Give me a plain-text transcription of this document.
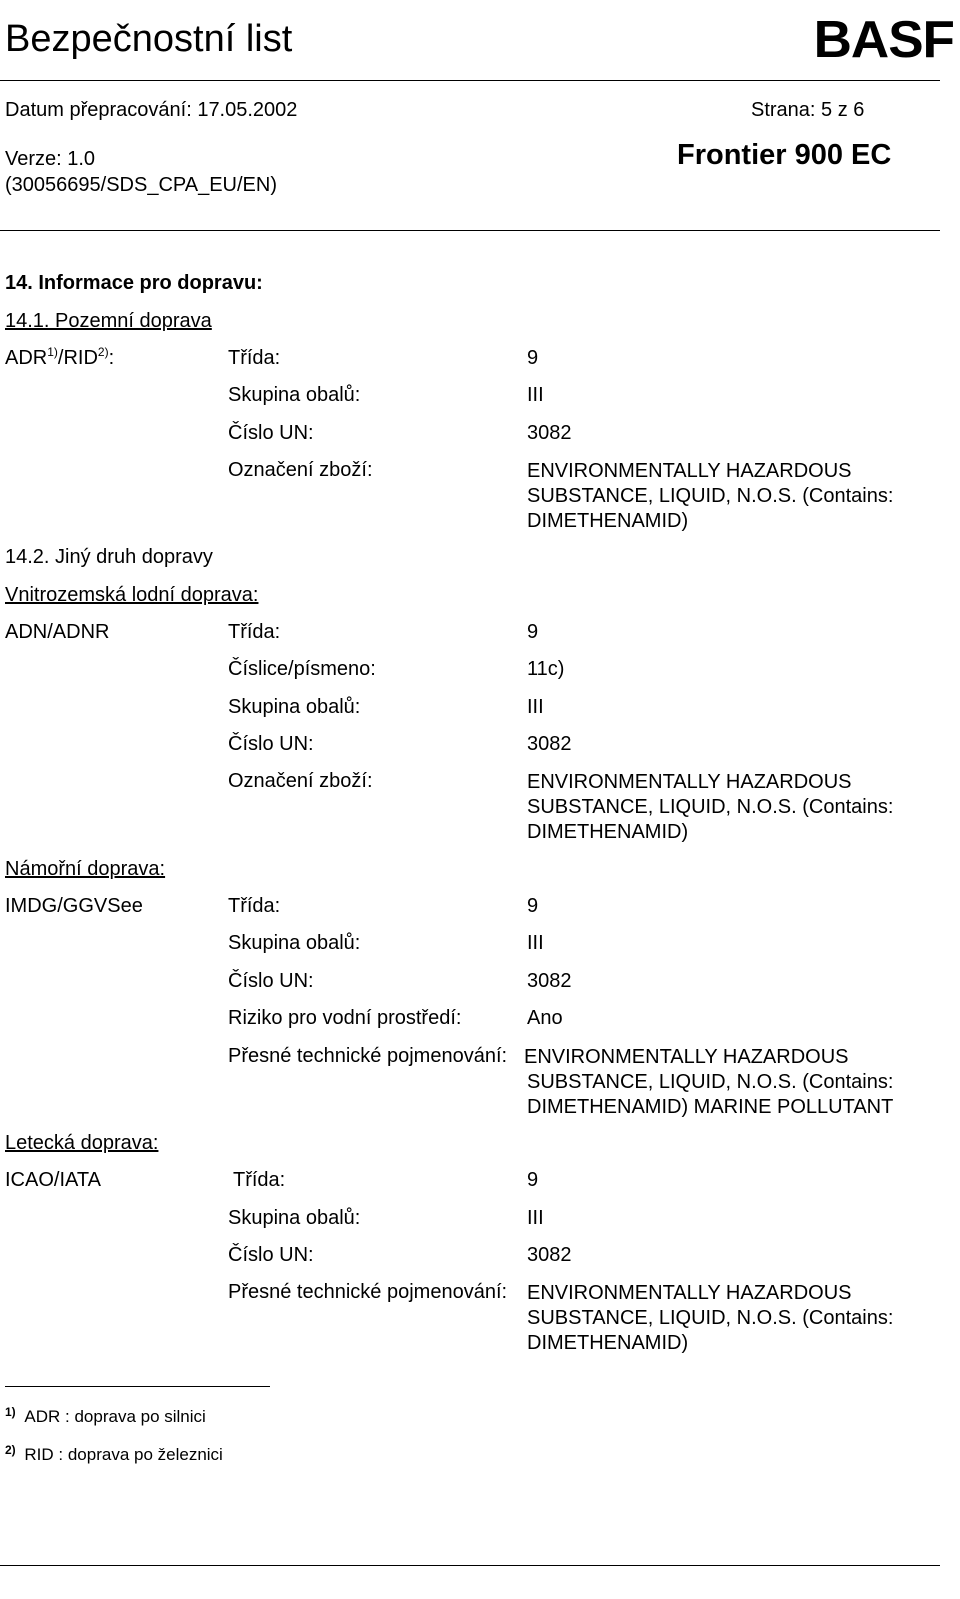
Bezpečnostní list	BASF
Datum přepracování: 17.05.2002	Strana: 5 z 6
Verze: 1.0	Frontier 900 EC
(30056695/SDS_CPA_EU/EN)
14. Informace pro dopravu:
14.1. Pozemní doprava
ADR$^{1)}$/RID$^{2)}$:	Třída:	9
Skupina obalů:	III
Číslo UN:	3082
Označení zboží:	ENVIRONMENTALLY HAZARDOUS SUBSTANCE, LIQUID, N.O.S. (Contains: DIMETHENAMID)
14.2. Jiný druh dopravy
Vnitrozemská lodní doprava:
ADN/ADNR	Třída:	9
Číslice/písmeno:	11c)
Skupina obalů:	III
Číslo UN:	3082
Označení zboží:	ENVIRONMENTALLY HAZARDOUS SUBSTANCE, LIQUID, N.O.S. (Contains: DIMETHENAMID)
Námořní doprava:
IMDG/GGVSee	Třída:	9
Skupina obalů:	III
Číslo UN:	3082
Riziko pro vodní prostředí:	Ano
Přesné technické pojmenování: ENVIRONMENTALLY HAZARDOUS SUBSTANCE, LIQUID, N.O.S. (Contains: DIMETHENAMID) MARINE POLLUTANT
Letecká doprava:
ICAO/IATA	Třída:	9
Skupina obalů:	III
Číslo UN:	3082
Přesné technické pojmenování: ENVIRONMENTALLY HAZARDOUS SUBSTANCE, LIQUID, N.O.S. (Contains: DIMETHENAMID)
$^{1)}$ ADR : doprava po silnici
$^{2)}$ RID : doprava po železnici
